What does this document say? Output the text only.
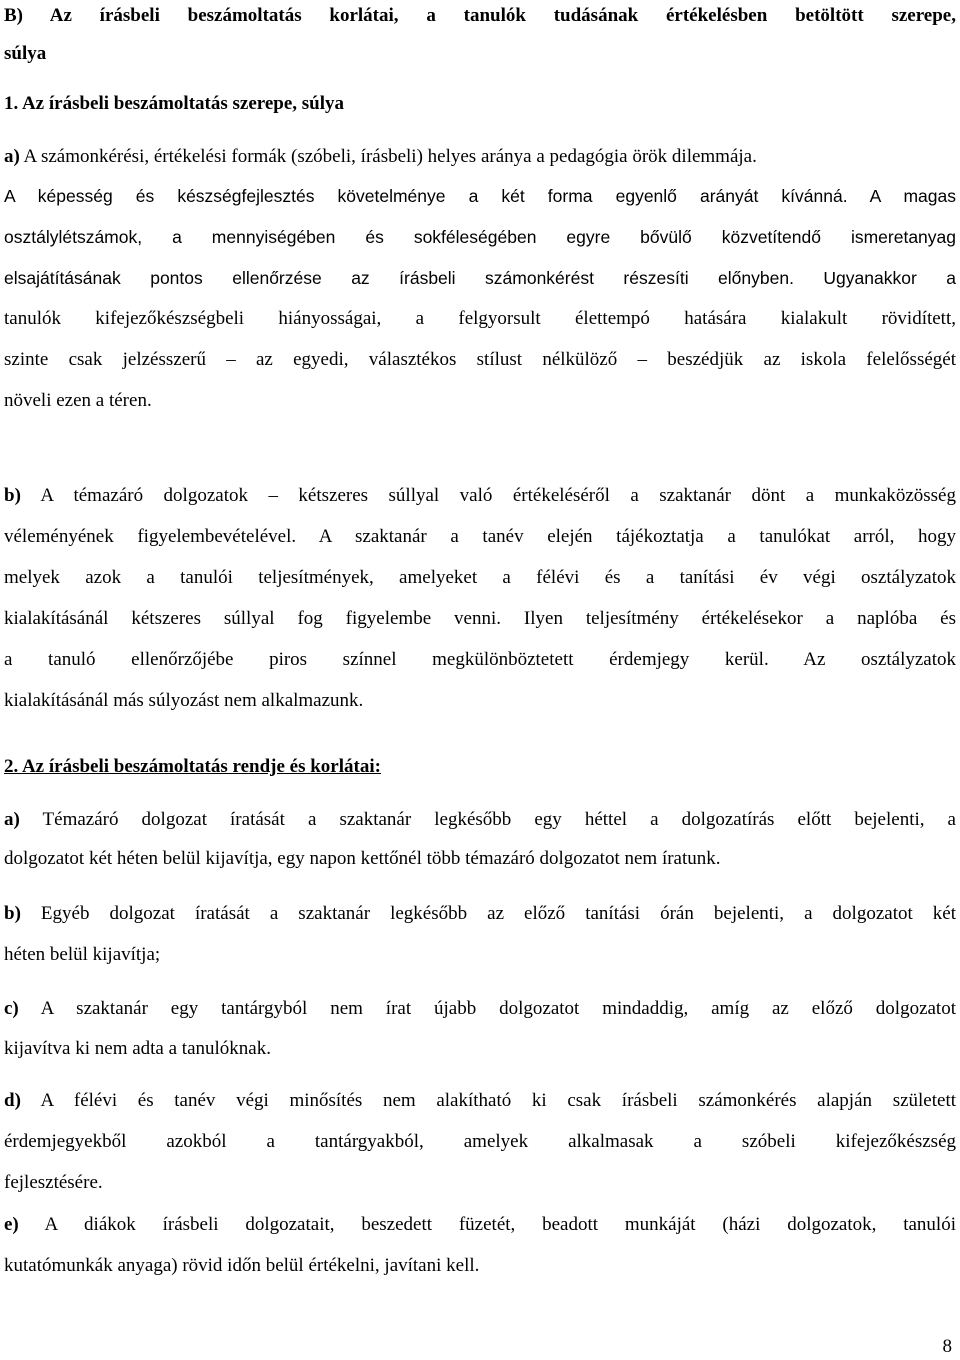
B) Az írásbeli beszámoltatás korlátai, a tanulók tudásának értékelésben betöltött szerepe,
súlya
1. Az írásbeli beszámoltatás szerepe, súlya
a) A számonkérési, értékelési formák (szóbeli, írásbeli) helyes aránya a pedagógia örök dilemmája.
A képesség és készségfejlesztés követelménye a két forma egyenlő arányát kívánná. A magas
osztálylétszámok, a mennyiségében és sokféleségében egyre bővülő közvetítendő ismeretanyag
elsajátításának pontos ellenőrzése az írásbeli számonkérést részesíti előnyben. Ugyanakkor a
tanulók kifejezőkészségbeli hiányosságai, a felgyorsult élettempó hatására kialakult rövidített,
szinte csak jelzésszerű – az egyedi, választékos stílust nélkülöző – beszédjük az iskola felelősségét
növeli ezen a téren.
b) A témazáró dolgozatok – kétszeres súllyal való értékeléséről a szaktanár dönt a munkaközösség
véleményének figyelembevételével. A szaktanár a tanév elején tájékoztatja a tanulókat arról, hogy
melyek azok a tanulói teljesítmények, amelyeket a félévi és a tanítási év végi osztályzatok
kialakításánál kétszeres súllyal fog figyelembe venni. Ilyen teljesítmény értékelésekor a naplóba és
a tanuló ellenőrzőjébe piros színnel megkülönböztetett érdemjegy kerül. Az osztályzatok
kialakításánál más súlyozást nem alkalmazunk.
2. Az írásbeli beszámoltatás rendje és korlátai:
a) Témazáró dolgozat íratását a szaktanár legkésőbb egy héttel a dolgozatírás előtt bejelenti, a
dolgozatot két héten belül kijavítja, egy napon kettőnél több témazáró dolgozatot nem íratunk.
b) Egyéb dolgozat íratását a szaktanár legkésőbb az előző tanítási órán bejelenti, a dolgozatot két
héten belül kijavítja;
c) A szaktanár egy tantárgyból nem írat újabb dolgozatot mindaddig, amíg az előző dolgozatot
kijavítva ki nem adta a tanulóknak.
d) A félévi és tanév végi minősítés nem alakítható ki csak írásbeli számonkérés alapján született
érdemjegyekből azokból a tantárgyakból, amelyek alkalmasak a szóbeli kifejezőkészség
fejlesztésére.
e) A diákok írásbeli dolgozatait, beszedett füzetét, beadott munkáját (házi dolgozatok, tanulói
kutatómunkák anyaga) rövid időn belül értékelni, javítani kell.
8
